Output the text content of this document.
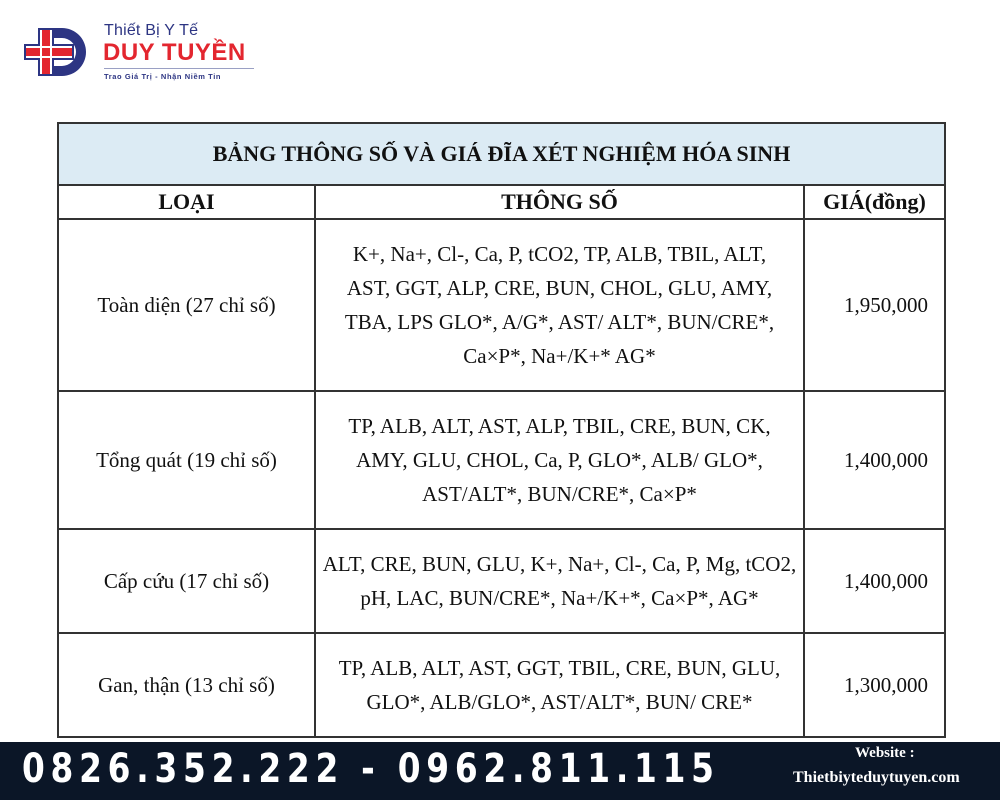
Thiết Bị Y Tế
DUY TUYỀN
Trao Giá Trị - Nhận Niềm Tin
BẢNG THÔNG SỐ VÀ GIÁ ĐĨA XÉT NGHIỆM HÓA SINH		
LOẠI	THÔNG SỐ	GIÁ(đồng)
Toàn diện (27 chỉ số)	K+, Na+, Cl-, Ca, P, tCO2, TP, ALB, TBIL, ALT, AST, GGT, ALP, CRE, BUN, CHOL, GLU, AMY, TBA, LPS GLO*, A/G*, AST/ ALT*, BUN/CRE*, Ca×P*, Na+/K+* AG*	1,950,000
Tổng quát (19 chỉ số)	TP, ALB, ALT, AST, ALP, TBIL, CRE, BUN, CK, AMY, GLU, CHOL, Ca, P, GLO*, ALB/ GLO*, AST/ALT*, BUN/CRE*, Ca×P*	1,400,000
Cấp cứu (17 chỉ số)	ALT, CRE, BUN, GLU, K+, Na+, Cl-, Ca, P, Mg, tCO2, pH, LAC, BUN/CRE*, Na+/K+*, Ca×P*, AG*	1,400,000
Gan, thận (13 chỉ số)	TP, ALB, ALT, AST, GGT, TBIL, CRE, BUN, GLU, GLO*, ALB/GLO*, AST/ALT*, BUN/ CRE*	1,300,000
0826.352.222 - 0962.811.115	Website :
Thietbiyteduytuyen.com
